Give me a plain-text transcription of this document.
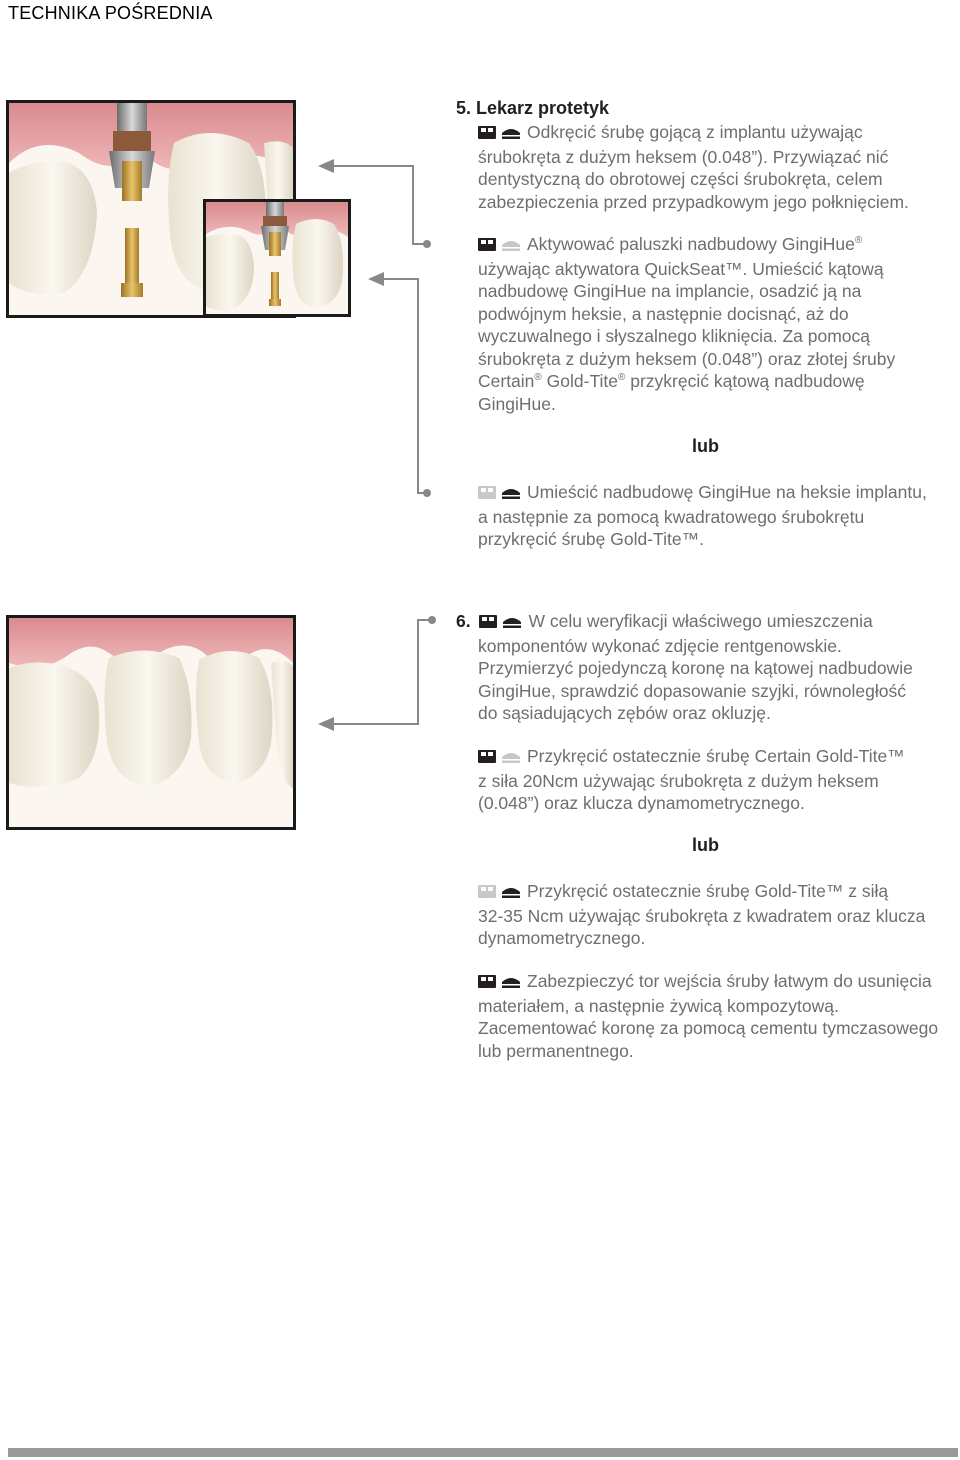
TECHNIKA POŚREDNIA
5. Lekarz protetyk
Odkręcić śrubę gojącą z implantu używając
śrubokręta z dużym heksem (0.048”). Przywiązać nić
dentystyczną do obrotowej części śrubokręta, celem
zabezpieczenia przed przypadkowym jego połknięciem.
Aktywować paluszki nadbudowy GingiHue®
używając aktywatora QuickSeat™. Umieścić kątową
nadbudowę GingiHue na implancie, osadzić ją na
podwójnym heksie, a następnie docisnąć, aż do
wyczuwalnego i słyszalnego kliknięcia. Za pomocą
śrubokręta z dużym heksem (0.048”) oraz złotej śruby
Certain® Gold-Tite® przykręcić kątową nadbudowę
GingiHue.
lub
Umieścić nadbudowę GingiHue na heksie implantu,
a następnie za pomocą kwadratowego śrubokrętu
przykręcić śrubę Gold-Tite™.
6.	W celu weryfikacji właściwego umieszczenia
komponentów wykonać zdjęcie rentgenowskie.
Przymierzyć pojedynczą koronę na kątowej nadbudowie
GingiHue, sprawdzić dopasowanie szyjki, równoległość
do sąsiadujących zębów oraz okluzję.
Przykręcić ostatecznie śrubę Certain Gold-Tite™
z siła 20Ncm używając śrubokręta z dużym heksem
(0.048”) oraz klucza dynamometrycznego.
lub
Przykręcić ostatecznie śrubę Gold-Tite™ z siłą
32-35 Ncm używając śrubokręta z kwadratem oraz klucza
dynamometrycznego.
Zabezpieczyć tor wejścia śruby łatwym do usunięcia
materiałem, a następnie żywicą kompozytową.
Zacementować koronę za pomocą cementu tymczasowego
lub permanentnego.
